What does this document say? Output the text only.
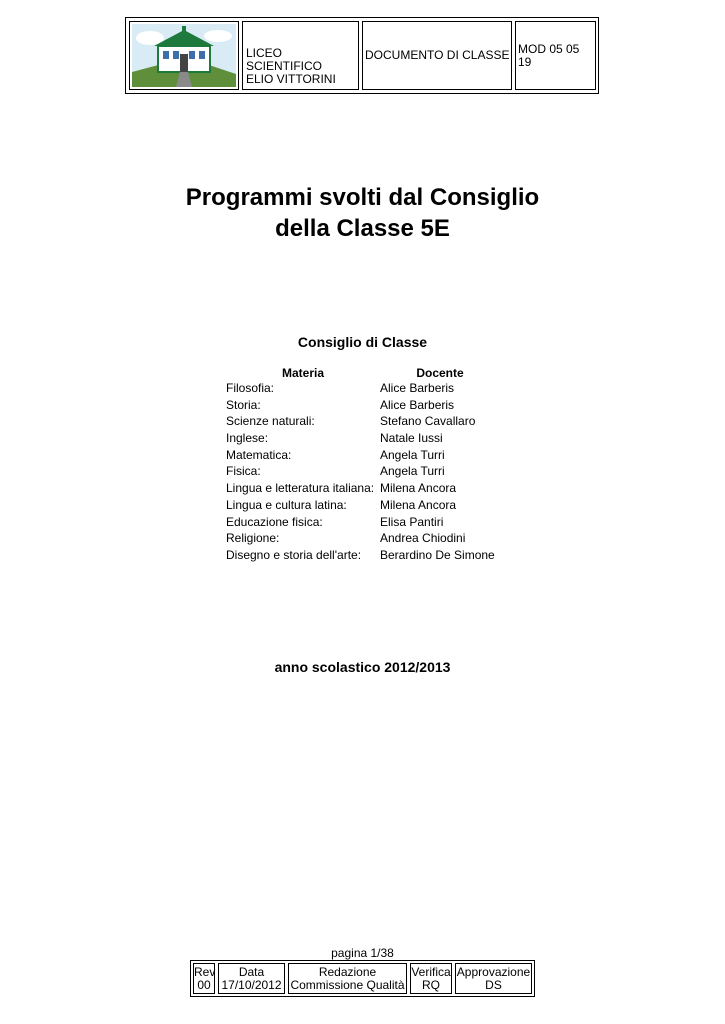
LICEO SCIENTIFICO
ELIO VITTORINI
DOCUMENTO DI CLASSE MOD 05 05 19
Programmi svolti dal Consiglio
della Classe 5E
Consiglio di Classe
Materia	Docente
Filosofia:	Alice Barberis
Storia:	Alice Barberis
Scienze naturali:	Stefano Cavallaro
Inglese:	Natale Iussi
Matematica:	Angela Turri
Fisica:	Angela Turri
Lingua e letteratura italiana: Milena Ancora
Lingua e cultura latina:	Milena Ancora
Educazione fisica:	Elisa Pantiri
Religione:	Andrea Chiodini
Disegno e storia dell'arte:	Berardino De Simone
anno scolastico 2012/2013
pagina 1/38
Rev
00
Data
17/10/2012
Redazione
Commissione Qualità
Verifica
RQ
Approvazione
DS
